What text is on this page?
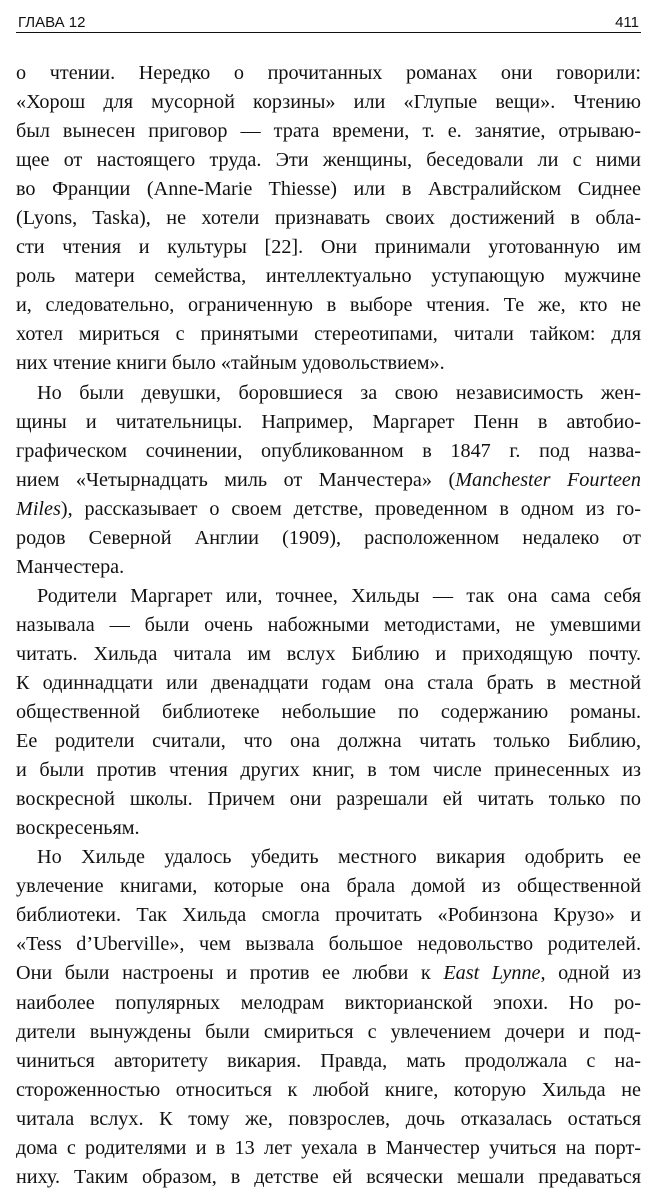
ГЛАВА 12	411

о чтении. Нередко о прочитанных романах они говорили:
«Хорош для мусорной корзины» или «Глупые вещи». Чтению
был вынесен приговор — трата времени, т. е. занятие, отрываю-
щее от настоящего труда. Эти женщины, беседовали ли с ними
во Франции (Anne-Marie Thiesse) или в Австралийском Сиднее
(Lyons, Taska), не хотели признавать своих достижений в обла-
сти чтения и культуры [22]. Они принимали уготованную им
роль матери семейства, интеллектуально уступающую мужчине
и, следовательно, ограниченную в выборе чтения. Те же, кто не
хотел мириться с принятыми стереотипами, читали тайком: для
них чтение книги было «тайным удовольствием».

Но были девушки, боровшиеся за свою независимость жен-
щины и читательницы. Например, Маргарет Пенн в автобио-
графическом сочинении, опубликованном в 1847 г. под назва-
нием «Четырнадцать миль от Манчестера» (Manchester Fourteen
Miles), рассказывает о своем детстве, проведенном в одном из го-
родов Северной Англии (1909), расположенном недалеко от
Манчестера.

Родители Маргарет или, точнее, Хильды — так она сама себя
называла — были очень набожными методистами, не умевшими
читать. Хильда читала им вслух Библию и приходящую почту.
К одиннадцати или двенадцати годам она стала брать в местной
общественной библиотеке небольшие по содержанию романы.
Ее родители считали, что она должна читать только Библию,
и были против чтения других книг, в том числе принесенных из
воскресной школы. Причем они разрешали ей читать только по
воскресеньям.

Но Хильде удалось убедить местного викария одобрить ее
увлечение книгами, которые она брала домой из общественной
библиотеки. Так Хильда смогла прочитать «Робинзона Крузо» и
«Tess d’Uberville», чем вызвала большое недовольство родителей.
Они были настроены и против ее любви к East Lynne, одной из
наиболее популярных мелодрам викторианской эпохи. Но ро-
дители вынуждены были смириться с увлечением дочери и под-
чиниться авторитету викария. Правда, мать продолжала с на-
стороженностью относиться к любой книге, которую Хильда не
читала вслух. К тому же, повзрослев, дочь отказалась остаться
дома с родителями и в 13 лет уехала в Манчестер учиться на порт-
ниху. Таким образом, в детстве ей всячески мешали предаваться
